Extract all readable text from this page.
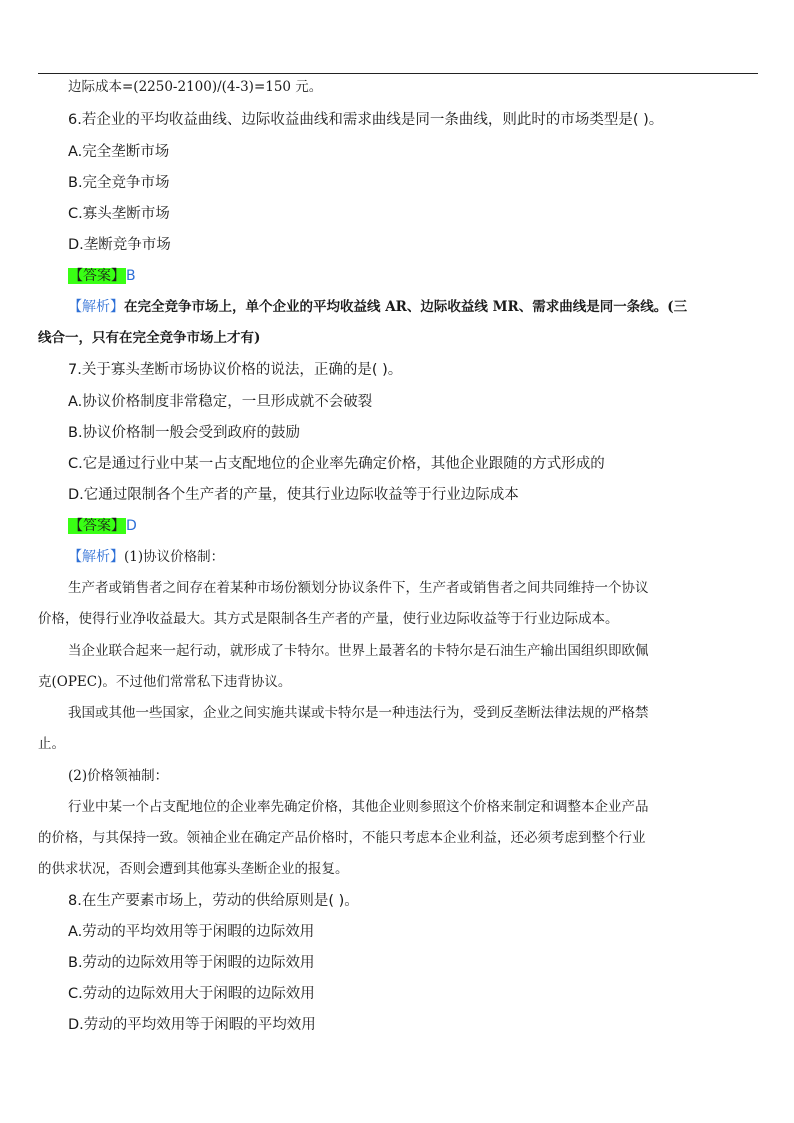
边际成本=(2250-2100)/(4-3)=150 元。
6.若企业的平均收益曲线、边际收益曲线和需求曲线是同一条曲线，则此时的市场类型是( )。
A.完全垄断市场
B.完全竞争市场
C.寡头垄断市场
D.垄断竞争市场
【答案】B
【解析】在完全竞争市场上，单个企业的平均收益线 AR、边际收益线 MR、需求曲线是同一条线。(三
线合一，只有在完全竞争市场上才有)
7.关于寡头垄断市场协议价格的说法，正确的是( )。
A.协议价格制度非常稳定，一旦形成就不会破裂
B.协议价格制一般会受到政府的鼓励
C.它是通过行业中某一占支配地位的企业率先确定价格，其他企业跟随的方式形成的
D.它通过限制各个生产者的产量，使其行业边际收益等于行业边际成本
【答案】D
【解析】(1)协议价格制：
生产者或销售者之间存在着某种市场份额划分协议条件下，生产者或销售者之间共同维持一个协议
价格，使得行业净收益最大。其方式是限制各生产者的产量，使行业边际收益等于行业边际成本。
当企业联合起来一起行动，就形成了卡特尔。世界上最著名的卡特尔是石油生产输出国组织即欧佩
克(OPEC)。不过他们常常私下违背协议。
我国或其他一些国家，企业之间实施共谋或卡特尔是一种违法行为，受到反垄断法律法规的严格禁
止。
(2)价格领袖制：
行业中某一个占支配地位的企业率先确定价格，其他企业则参照这个价格来制定和调整本企业产品
的价格，与其保持一致。领袖企业在确定产品价格时，不能只考虑本企业利益，还必须考虑到整个行业
的供求状况，否则会遭到其他寡头垄断企业的报复。
8.在生产要素市场上，劳动的供给原则是( )。
A.劳动的平均效用等于闲暇的边际效用
B.劳动的边际效用等于闲暇的边际效用
C.劳动的边际效用大于闲暇的边际效用
D.劳动的平均效用等于闲暇的平均效用
